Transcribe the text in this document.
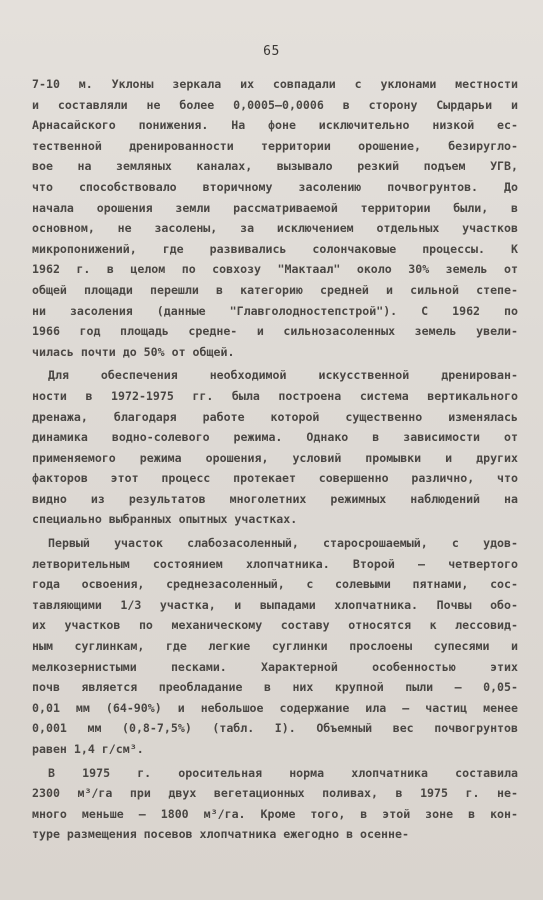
65
7-10 м. Уклоны зеркала их совпадали с уклонами местности
и составляли не более 0,0005–0,0006 в сторону Сырдарьи и
Арнасайского понижения. На фоне исключительно низкой ес-
тественной дренированности территории орошение, безиругло-
вое на земляных каналах, вызывало резкий подъем УГВ,
что способствовало вторичному засолению почвогрунтов. До
начала орошения земли рассматриваемой территории были, в
основном, не засолены, за исключением отдельных участков
микропонижений, где развивались солончаковые процессы. К
1962 г. в целом по совхозу "Мактаал" около 30% земель от
общей площади перешли в категорию средней и сильной степе-
ни засоления (данные "Главголодностепстрой"). С 1962 по
1966 год площадь средне- и сильнозасоленных земель увели-
чилась почти до 50% от общей.
Для обеспечения необходимой искусственной дренирован-
ности в 1972-1975 гг. была построена система вертикального
дренажа, благодаря работе которой существенно изменялась
динамика водно-солевого режима. Однако в зависимости от
применяемого режима орошения, условий промывки и других
факторов этот процесс протекает совершенно различно, что
видно из результатов многолетних режимных наблюдений на
специально выбранных опытных участках.
Первый участок слабозасоленный, старосрошаемый, с удов-
летворительным состоянием хлопчатника. Второй – четвертого
года освоения, среднезасоленный, с солевыми пятнами, сос-
тавляющими 1/3 участка, и выпадами хлопчатника. Почвы обо-
их участков по механическому составу относятся к лессовид-
ным суглинкам, где легкие суглинки прослоены супесями и
мелкозернистыми песками. Характерной особенностью этих
почв является преобладание в них крупной пыли – 0,05-
0,01 мм (64-90%) и небольшое содержание ила – частиц менее
0,001 мм (0,8-7,5%) (табл. I). Объемный вес почвогрунтов
равен 1,4 г/см³.
В 1975 г. оросительная норма хлопчатника составила
2300 м³/га при двух вегетационных поливах, в 1975 г. не-
много меньше – 1800 м³/га. Кроме того, в этой зоне в кон-
туре размещения посевов хлопчатника ежегодно в осенне-
